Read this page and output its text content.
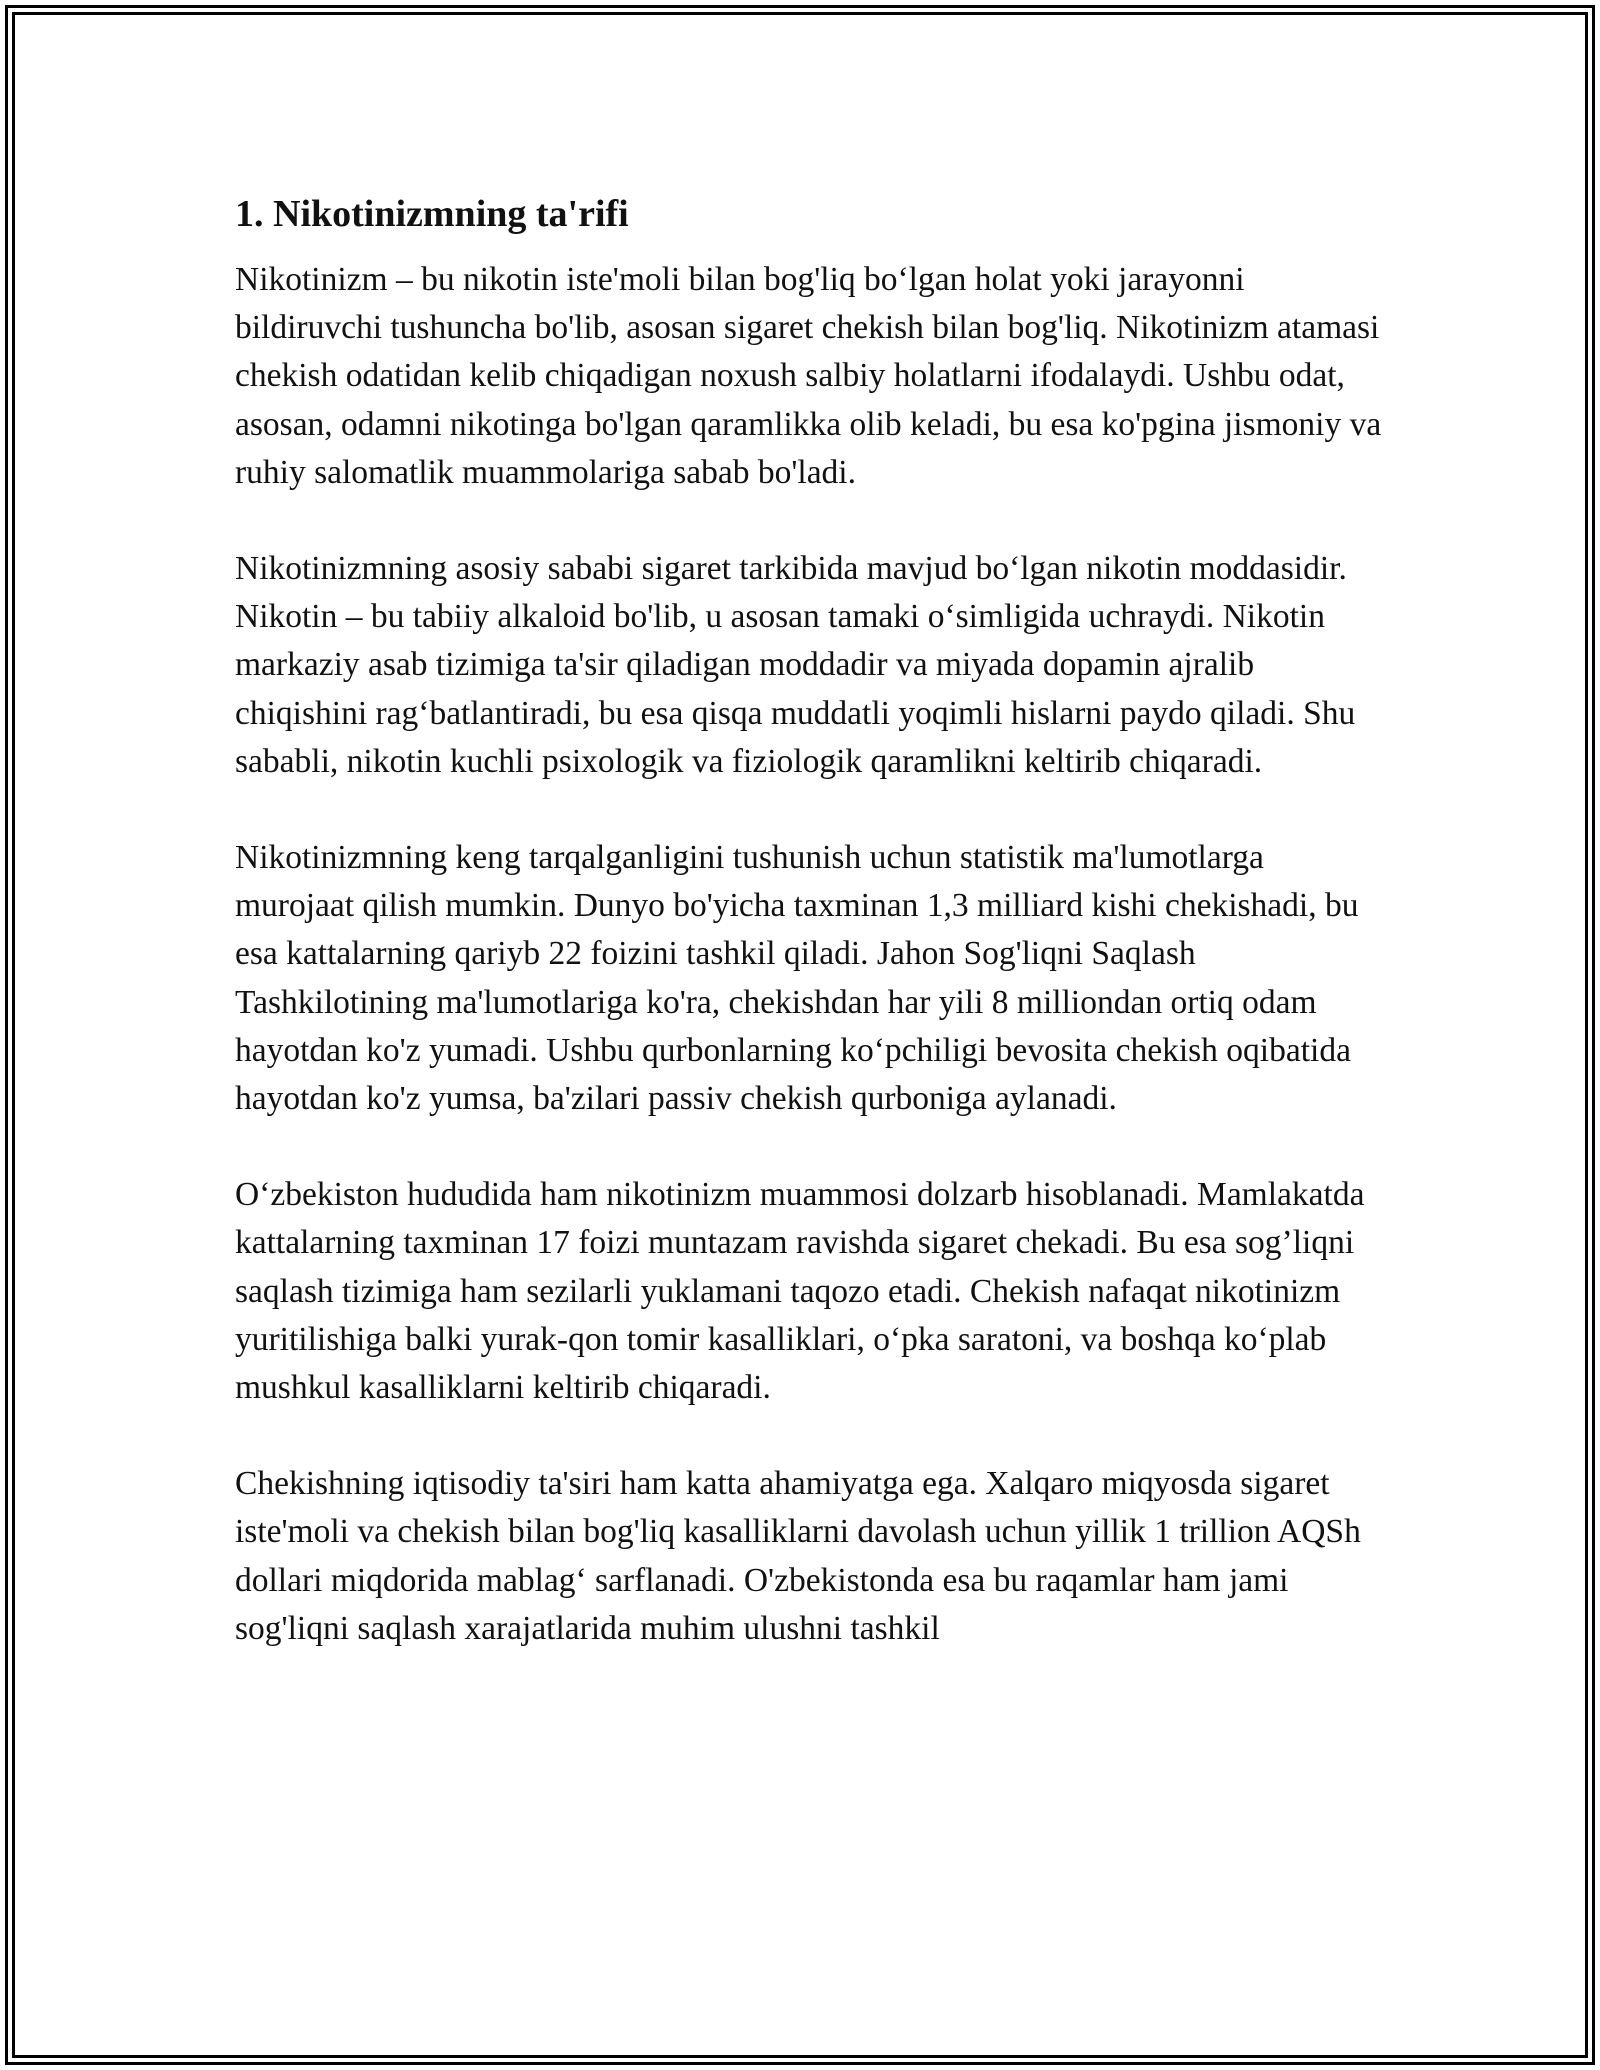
1. Nikotinizmning ta'rifi

Nikotinizm – bu nikotin iste'moli bilan bog'liq bo‘lgan holat yoki jarayonni bildiruvchi tushuncha bo'lib, asosan sigaret chekish bilan bog'liq. Nikotinizm atamasi chekish odatidan kelib chiqadigan noxush salbiy holatlarni ifodalaydi. Ushbu odat, asosan, odamni nikotinga bo'lgan qaramlikka olib keladi, bu esa ko'pgina jismoniy va ruhiy salomatlik muammolariga sabab bo'ladi.

Nikotinizmning asosiy sababi sigaret tarkibida mavjud bo‘lgan nikotin moddasidir. Nikotin – bu tabiiy alkaloid bo'lib, u asosan tamaki o‘simligida uchraydi. Nikotin markaziy asab tizimiga ta'sir qiladigan moddadir va miyada dopamin ajralib chiqishini rag‘batlantiradi, bu esa qisqa muddatli yoqimli hislarni paydo qiladi. Shu sababli, nikotin kuchli psixologik va fiziologik qaramlikni keltirib chiqaradi.

Nikotinizmning keng tarqalganligini tushunish uchun statistik ma'lumotlarga murojaat qilish mumkin. Dunyo bo'yicha taxminan 1,3 milliard kishi chekishadi, bu esa kattalarning qariyb 22 foizini tashkil qiladi. Jahon Sog'liqni Saqlash Tashkilotining ma'lumotlariga ko'ra, chekishdan har yili 8 milliondan ortiq odam hayotdan ko'z yumadi. Ushbu qurbonlarning ko‘pchiligi bevosita chekish oqibatida hayotdan ko'z yumsa, ba'zilari passiv chekish qurboniga aylanadi.

O‘zbekiston hududida ham nikotinizm muammosi dolzarb hisoblanadi. Mamlakatda kattalarning taxminan 17 foizi muntazam ravishda sigaret chekadi. Bu esa sog’liqni saqlash tizimiga ham sezilarli yuklamani taqozo etadi. Chekish nafaqat nikotinizm yuritilishiga balki yurak-qon tomir kasalliklari, o‘pka saratoni, va boshqa ko‘plab mushkul kasalliklarni keltirib chiqaradi.

Chekishning iqtisodiy ta'siri ham katta ahamiyatga ega. Xalqaro miqyosda sigaret iste'moli va chekish bilan bog'liq kasalliklarni davolash uchun yillik 1 trillion AQSh dollari miqdorida mablag‘ sarflanadi. O'zbekistonda esa bu raqamlar ham jami sog'liqni saqlash xarajatlarida muhim ulushni tashkil
